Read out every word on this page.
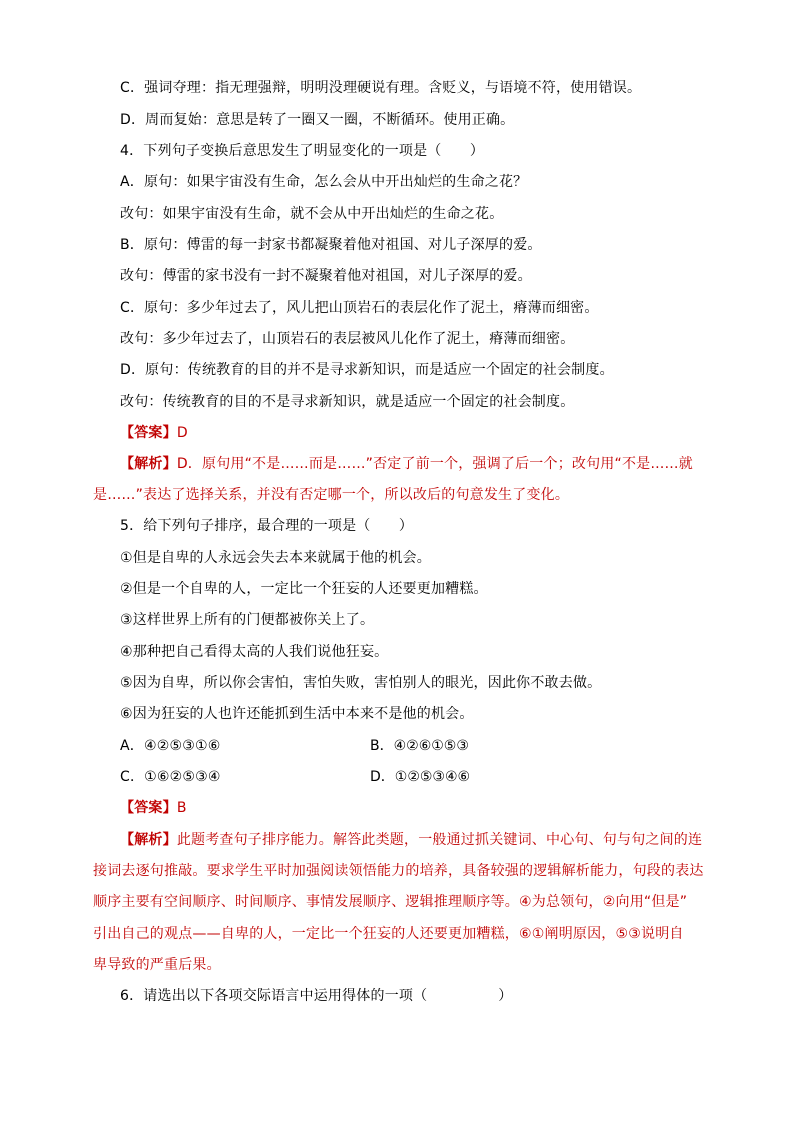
C．强词夺理：指无理强辩，明明没理硬说有理。含贬义，与语境不符，使用错误。
D．周而复始：意思是转了一圈又一圈，不断循环。使用正确。
4．下列句子变换后意思发生了明显变化的一项是（　　）
A．原句：如果宇宙没有生命，怎么会从中开出灿烂的生命之花？
改句：如果宇宙没有生命，就不会从中开出灿烂的生命之花。
B．原句：傅雷的每一封家书都凝聚着他对祖国、对儿子深厚的爱。
改句：傅雷的家书没有一封不凝聚着他对祖国，对儿子深厚的爱。
C．原句：多少年过去了，风儿把山顶岩石的表层化作了泥土，瘠薄而细密。
改句：多少年过去了，山顶岩石的表层被风儿化作了泥土，瘠薄而细密。
D．原句：传统教育的目的并不是寻求新知识，而是适应一个固定的社会制度。
改句：传统教育的目的不是寻求新知识，就是适应一个固定的社会制度。
【答案】D
【解析】D．原句用“不是……而是……”否定了前一个，强调了后一个；改句用“不是……就
是……”表达了选择关系，并没有否定哪一个，所以改后的句意发生了变化。
5．给下列句子排序，最合理的一项是（　　）
①但是自卑的人永远会失去本来就属于他的机会。
②但是一个自卑的人，一定比一个狂妄的人还要更加糟糕。
③这样世界上所有的门便都被你关上了。
④那种把自己看得太高的人我们说他狂妄。
⑤因为自卑，所以你会害怕，害怕失败，害怕别人的眼光，因此你不敢去做。
⑥因为狂妄的人也许还能抓到生活中本来不是他的机会。
A．④②⑤③①⑥	B．④②⑥①⑤③
C．①⑥②⑤③④	D．①②⑤③④⑥
【答案】B
【解析】此题考查句子排序能力。解答此类题，一般通过抓关键词、中心句、句与句之间的连
接词去逐句推敲。要求学生平时加强阅读领悟能力的培养，具备较强的逻辑解析能力，句段的表达
顺序主要有空间顺序、时间顺序、事情发展顺序、逻辑推理顺序等。④为总领句，②向用“但是”
引出自己的观点——自卑的人，一定比一个狂妄的人还要更加糟糕，⑥①阐明原因，⑤③说明自
卑导致的严重后果。
6．请选出以下各项交际语言中运用得体的一项（　　　　　）
